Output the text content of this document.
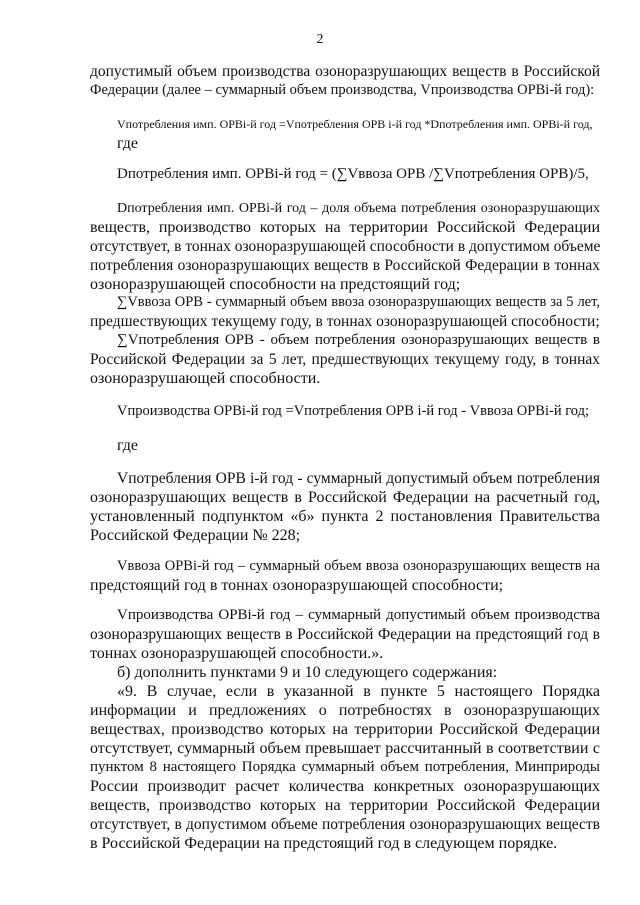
2

допустимый объем производства озоноразрушающих веществ в Российской

Федерации (далее – суммарный объем производства, Vпроизводства ОРВi-й год):

Vпотребления имп. ОРВi-й год =Vпотребления ОРВ i-й год *Dпотребления имп. ОРВi-й год,

где

Dпотребления имп. ОРВi-й год = (∑Vввоза ОРВ /∑Vпотребления ОРВ)/5,

Dпотребления имп. ОРВi-й год – доля объема потребления озоноразрушающих

веществ, производство которых на территории Российской Федерации

отсутствует, в тоннах озоноразрушающей способности в допустимом объеме

потребления озоноразрушающих веществ в Российской Федерации в тоннах

озоноразрушающей способности на предстоящий год;

∑Vввоза ОРВ - суммарный объем ввоза озоноразрушающих веществ за 5 лет,

предшествующих текущему году, в тоннах озоноразрушающей способности;

∑Vпотребления ОРВ - объем потребления озоноразрушающих веществ в

Российской Федерации за 5 лет, предшествующих текущему году, в тоннах

озоноразрушающей способности.

Vпроизводства ОРВi-й год =Vпотребления ОРВ i-й год - Vввоза ОРВi-й год;

где

Vпотребления ОРВ i-й год - суммарный допустимый объем потребления

озоноразрушающих веществ в Российской Федерации на расчетный год,

установленный подпунктом «б» пункта 2 постановления Правительства

Российской Федерации № 228;

Vввоза ОРВi-й год – суммарный объем ввоза озоноразрушающих веществ на

предстоящий год в тоннах озоноразрушающей способности;

Vпроизводства ОРВi-й год – суммарный допустимый объем производства

озоноразрушающих веществ в Российской Федерации на предстоящий год в

тоннах озоноразрушающей способности.».

б) дополнить пунктами 9 и 10 следующего содержания:

«9. В случае, если в указанной в пункте 5 настоящего Порядка

информации и предложениях о потребностях в озоноразрушающих

веществах, производство которых на территории Российской Федерации

отсутствует, суммарный объем превышает рассчитанный в соответствии с

пунктом 8 настоящего Порядка суммарный объем потребления, Минприроды

России производит расчет количества конкретных озоноразрушающих

веществ, производство которых на территории Российской Федерации

отсутствует, в допустимом объеме потребления озоноразрушающих веществ

в Российской Федерации на предстоящий год в следующем порядке.
